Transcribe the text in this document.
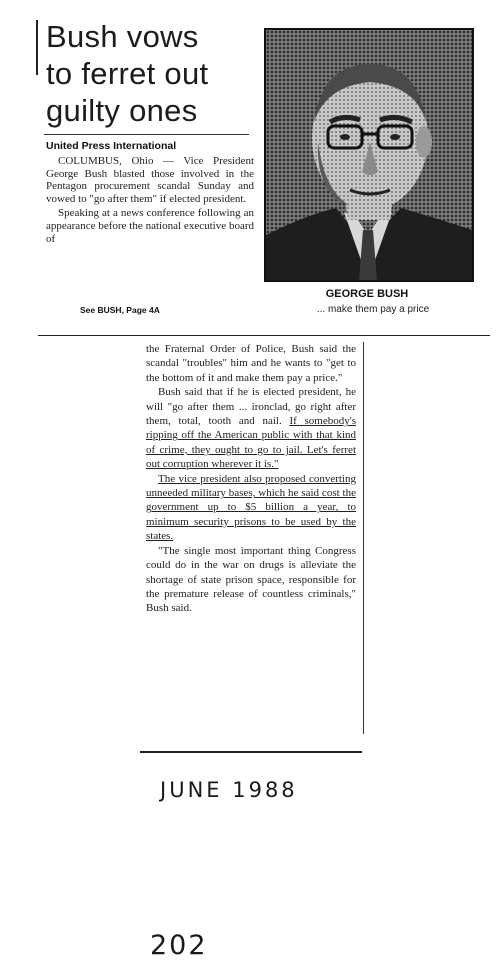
Bush vows
to ferret out
guilty ones
United Press International

COLUMBUS, Ohio — Vice President George Bush blasted those involved in the Pentagon procurement scandal Sunday and vowed to "go after them" if elected president.

Speaking at a news conference following an appearance before the national executive board of

See BUSH, Page 4A
GEORGE BUSH
... make them pay a price

the Fraternal Order of Police, Bush said the scandal "troubles" him and he wants to "get to the bottom of it and make them pay a price."

Bush said that if he is elected president, he will "go after them ... ironclad, go right after them, total, tooth and nail. If somebody's ripping off the American public with that kind of crime, they ought to go to jail. Let's ferret out corruption wherever it is."

The vice president also proposed converting unneeded military bases, which he said cost the government up to $5 billion a year, to minimum security prisons to be used by the states.

"The single most important thing Congress could do in the war on drugs is alleviate the shortage of state prison space, responsible for the premature release of countless criminals," Bush said.

JUNE 1988
202
